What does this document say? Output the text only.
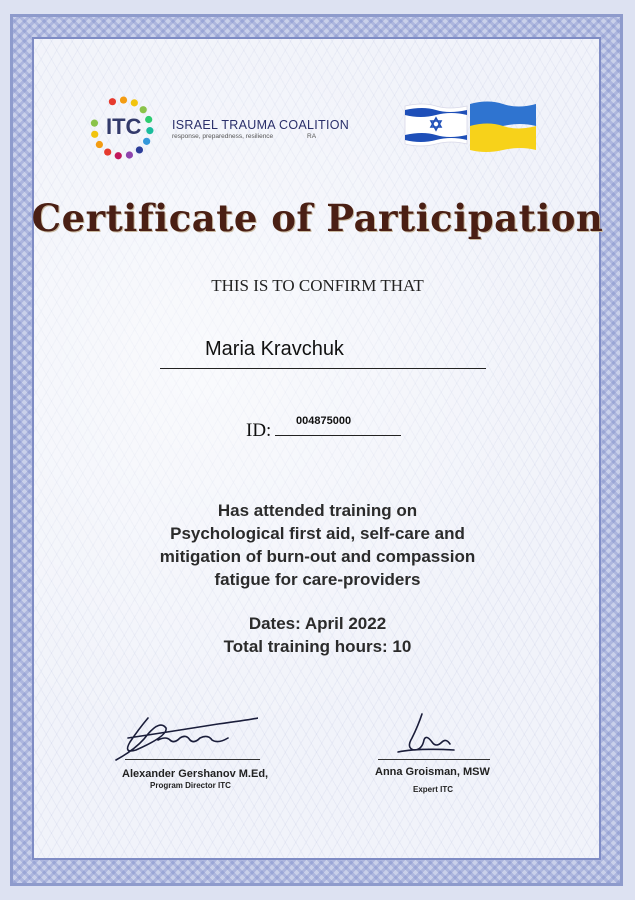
ITC ISRAEL TRAUMA COALITION
response, preparedness, resilience	RA
Certificate of Participation
THIS IS TO CONFIRM THAT
Maria Kravchuk
ID: 004875000
Has attended training on
Psychological first aid, self-care and
mitigation of burn-out and compassion
fatigue for care-providers
Dates: April 2022
Total training hours: 10
Alexander Gershanov M.Ed,
Program Director ITC
Anna Groisman, MSW
Expert ITC
